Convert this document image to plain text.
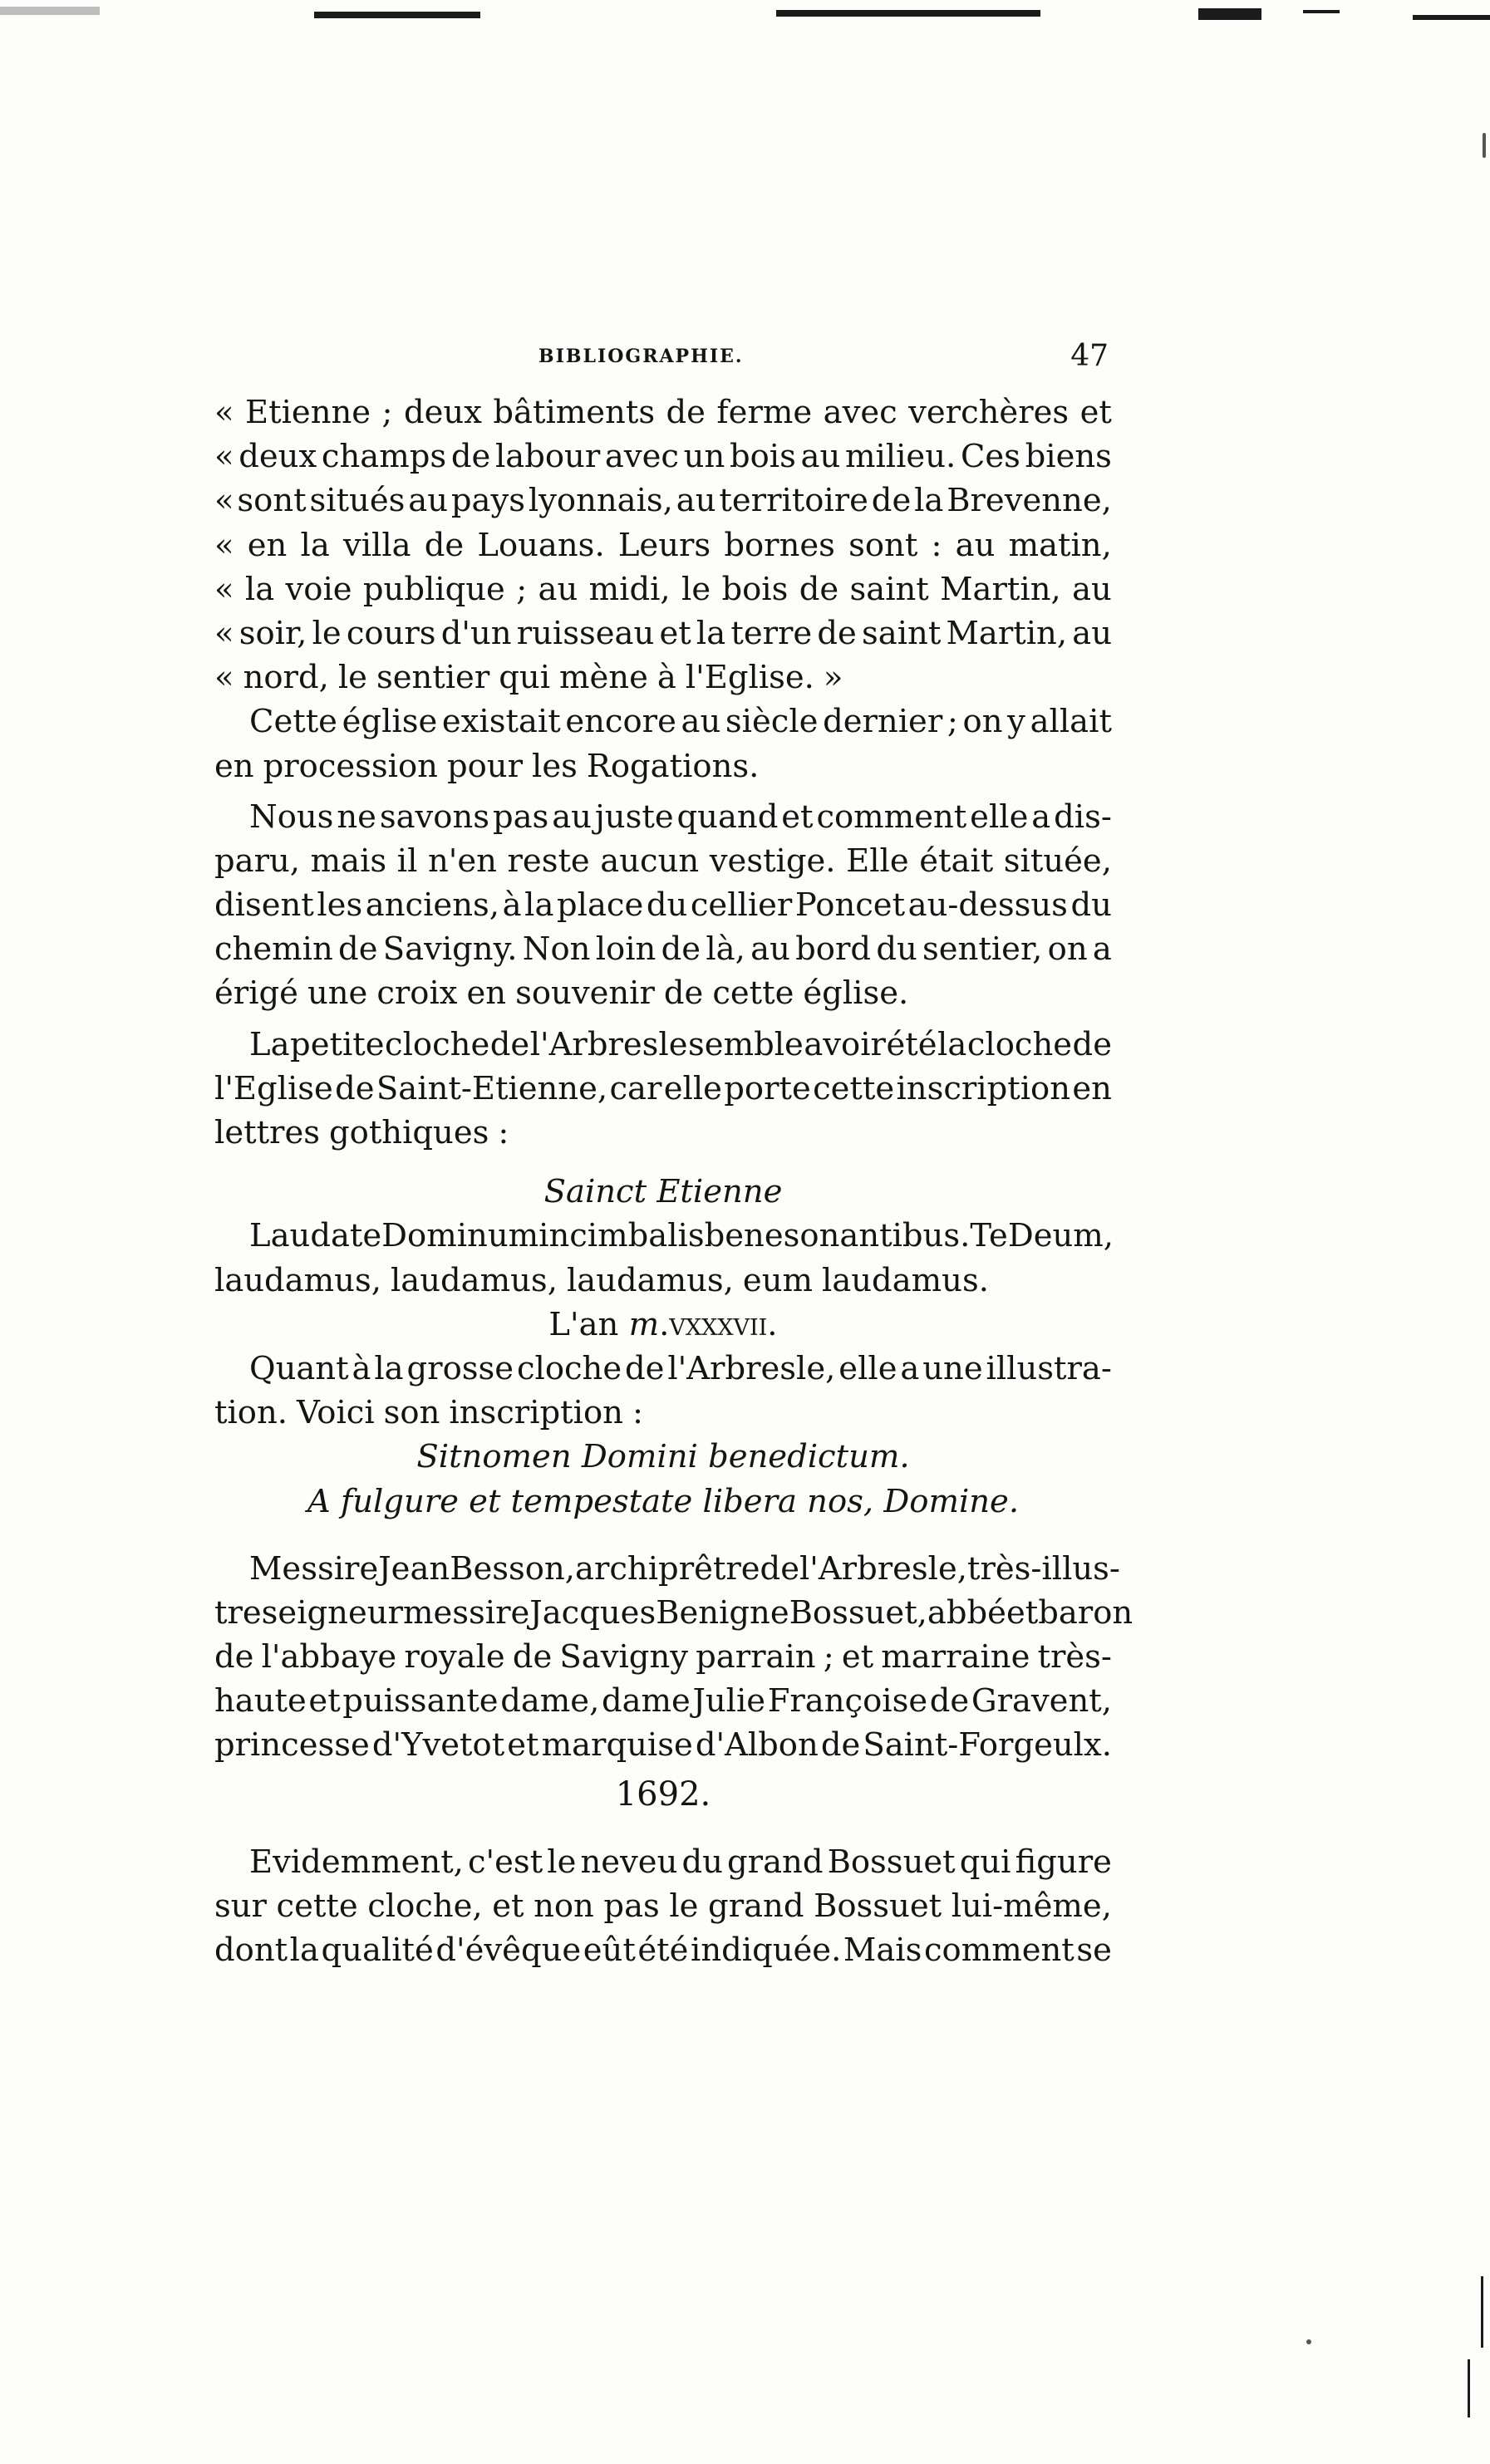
BIBLIOGRAPHIE.	47
« Etienne ; deux bâtiments de ferme avec verchères et
« deux champs de labour avec un bois au milieu. Ces biens
« sont situés au pays lyonnais, au territoire de la Brevenne,
« en la villa de Louans. Leurs bornes sont : au matin,
« la voie publique ; au midi, le bois de saint Martin, au
« soir, le cours d'un ruisseau et la terre de saint Martin, au
« nord, le sentier qui mène à l'Eglise. »
Cette église existait encore au siècle dernier ; on y allait
en procession pour les Rogations.
Nous ne savons pas au juste quand et comment elle a dis-
paru, mais il n'en reste aucun vestige. Elle était située,
disent les anciens, à la place du cellier Poncet au-dessus du
chemin de Savigny. Non loin de là, au bord du sentier, on a
érigé une croix en souvenir de cette église.
La petite cloche de l'Arbresle semble avoir été la cloche de
l'Eglise de Saint-Etienne, car elle porte cette inscription en
lettres gothiques :
Sainct Etienne
Laudate Dominum in cimbalis bene sonantibus. Te Deum,
laudamus, laudamus, laudamus, eum laudamus.
L'an m.vxxxvii.
Quant à la grosse cloche de l'Arbresle, elle a une illustra-
tion. Voici son inscription :
Sitnomen Domini benedictum.
A fulgure et tempestate libera nos, Domine.
Messire Jean Besson, archiprêtre de l'Arbresle, très-illus-
tre seigneur messire Jacques Benigne Bossuet, abbé et baron
de l'abbaye royale de Savigny parrain ; et marraine très-
haute et puissante dame, dame Julie Françoise de Gravent,
princesse d'Yvetot et marquise d'Albon de Saint-Forgeulx.
1692.
Evidemment, c'est le neveu du grand Bossuet qui figure
sur cette cloche, et non pas le grand Bossuet lui-même,
dont la qualité d'évêque eût été indiquée. Mais comment se
